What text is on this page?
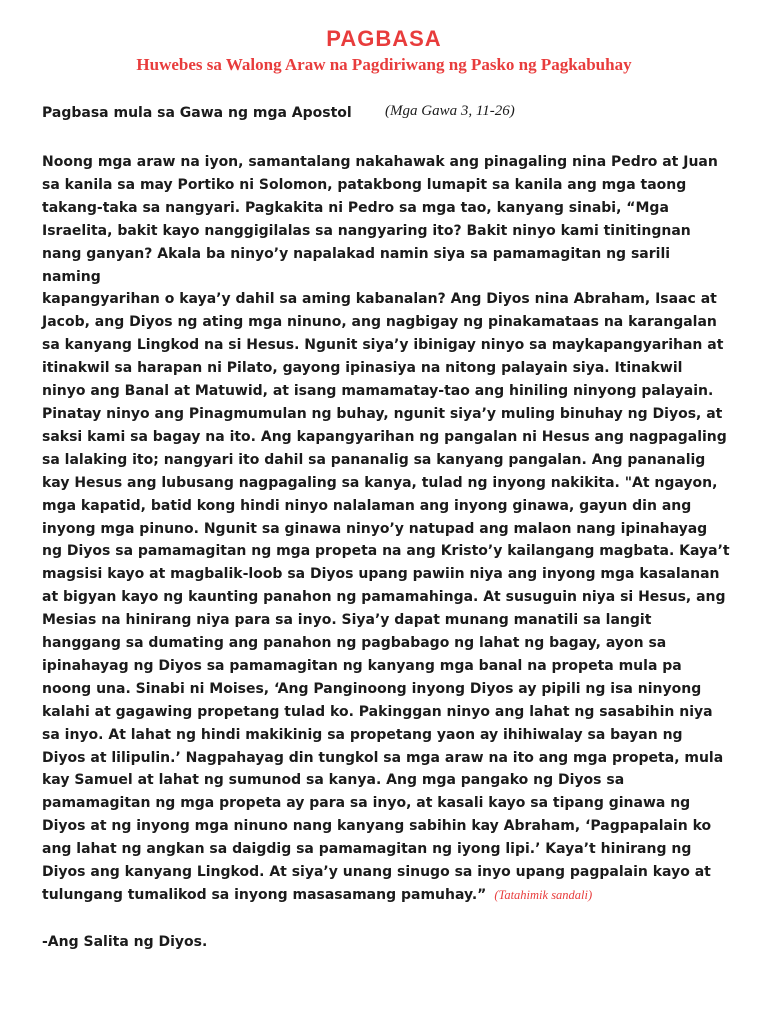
PAGBASA
Huwebes sa Walong Araw na Pagdiriwang ng Pasko ng Pagkabuhay
Pagbasa mula sa Gawa ng mga Apostol (Mga Gawa 3, 11-26)

Noong mga araw na iyon, samantalang nakahawak ang pinagaling nina Pedro at Juan
sa kanila sa may Portiko ni Solomon, patakbong lumapit sa kanila ang mga taong
takang-taka sa nangyari. Pagkakita ni Pedro sa mga tao, kanyang sinabi, “Mga
Israelita, bakit kayo nanggigilalas sa nangyaring ito? Bakit ninyo kami tinitingnan
nang ganyan? Akala ba ninyo’y napalakad namin siya sa pamamagitan ng sarili naming
kapangyarihan o kaya’y dahil sa aming kabanalan? Ang Diyos nina Abraham, Isaac at
Jacob, ang Diyos ng ating mga ninuno, ang nagbigay ng pinakamataas na karangalan
sa kanyang Lingkod na si Hesus. Ngunit siya’y ibinigay ninyo sa maykapangyarihan at
itinakwil sa harapan ni Pilato, gayong ipinasiya na nitong palayain siya. Itinakwil
ninyo ang Banal at Matuwid, at isang mamamatay-tao ang hiniling ninyong palayain.
Pinatay ninyo ang Pinagmumulan ng buhay, ngunit siya’y muling binuhay ng Diyos, at
saksi kami sa bagay na ito. Ang kapangyarihan ng pangalan ni Hesus ang nagpagaling
sa lalaking ito; nangyari ito dahil sa pananalig sa kanyang pangalan. Ang pananalig
kay Hesus ang lubusang nagpagaling sa kanya, tulad ng inyong nakikita. "At ngayon,
mga kapatid, batid kong hindi ninyo nalalaman ang inyong ginawa, gayun din ang
inyong mga pinuno. Ngunit sa ginawa ninyo’y natupad ang malaon nang ipinahayag
ng Diyos sa pamamagitan ng mga propeta na ang Kristo’y kailangang magbata. Kaya’t
magsisi kayo at magbalik-loob sa Diyos upang pawiin niya ang inyong mga kasalanan
at bigyan kayo ng kaunting panahon ng pamamahinga. At susuguin niya si Hesus, ang
Mesias na hinirang niya para sa inyo. Siya’y dapat munang manatili sa langit
hanggang sa dumating ang panahon ng pagbabago ng lahat ng bagay, ayon sa
ipinahayag ng Diyos sa pamamagitan ng kanyang mga banal na propeta mula pa
noong una. Sinabi ni Moises, ‘Ang Panginoong inyong Diyos ay pipili ng isa ninyong
kalahi at gagawing propetang tulad ko. Pakinggan ninyo ang lahat ng sasabihin niya
sa inyo. At lahat ng hindi makikinig sa propetang yaon ay ihihiwalay sa bayan ng
Diyos at lilipulin.’ Nagpahayag din tungkol sa mga araw na ito ang mga propeta, mula
kay Samuel at lahat ng sumunod sa kanya. Ang mga pangako ng Diyos sa
pamamagitan ng mga propeta ay para sa inyo, at kasali kayo sa tipang ginawa ng
Diyos at ng inyong mga ninuno nang kanyang sabihin kay Abraham, ‘Pagpapalain ko
ang lahat ng angkan sa daigdig sa pamamagitan ng iyong lipi.’ Kaya’t hinirang ng
Diyos ang kanyang Lingkod. At siya’y unang sinugo sa inyo upang pagpalain kayo at
tulungang tumalikod sa inyong masasamang pamuhay.” (Tatahimik sandali)

-Ang Salita ng Diyos.
